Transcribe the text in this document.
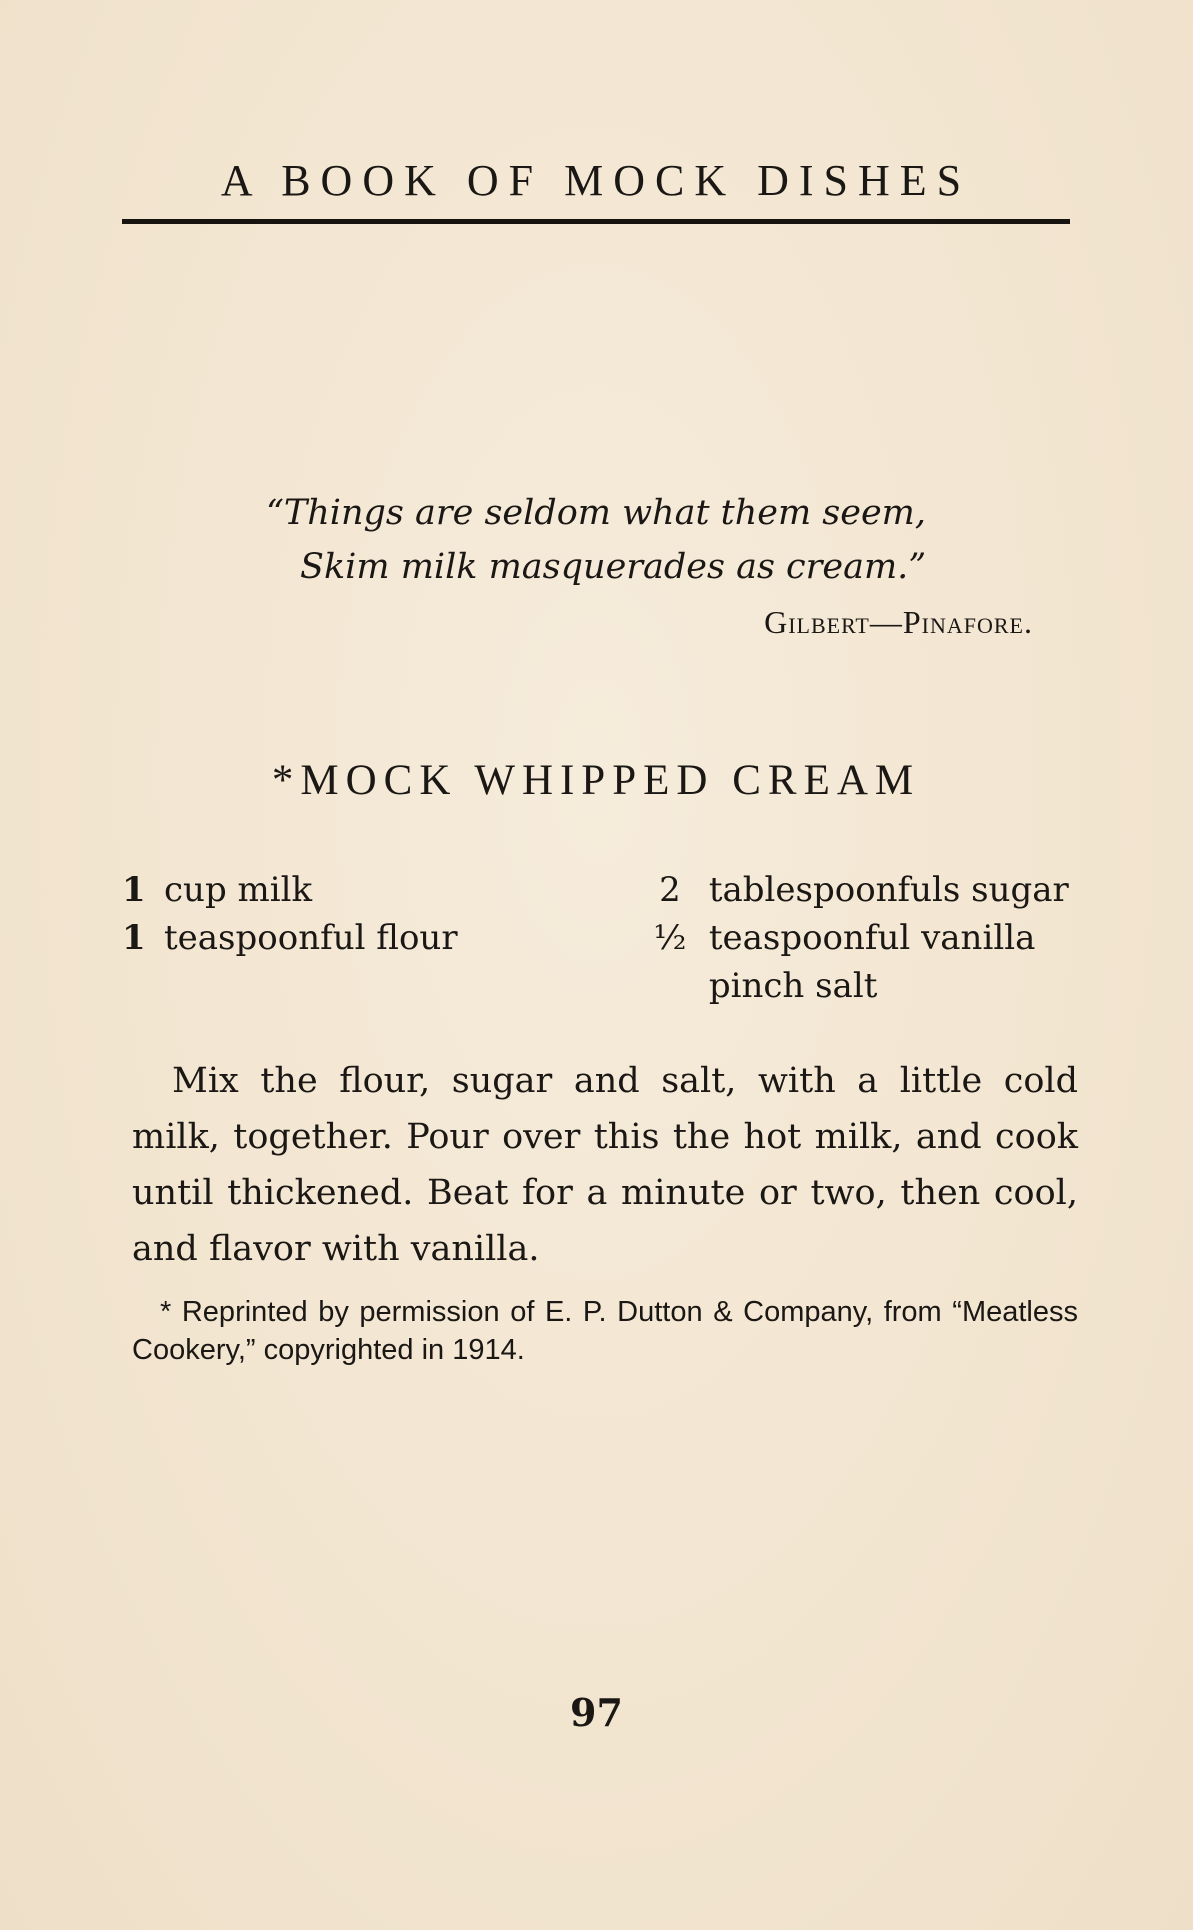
A BOOK OF MOCK DISHES
“Things are seldom what them seem,
Skim milk masquerades as cream.”
Gilbert—Pinafore.
*MOCK WHIPPED CREAM
1 cup milk
1 teaspoonful flour
2 tablespoonfuls sugar
½ teaspoonful vanilla
pinch salt
Mix the flour, sugar and salt, with a little cold milk, together. Pour over this the hot milk, and cook until thickened. Beat for a minute or two, then cool, and flavor with vanilla.
* Reprinted by permission of E. P. Dutton & Company, from “Meatless Cookery,” copyrighted in 1914.
97
